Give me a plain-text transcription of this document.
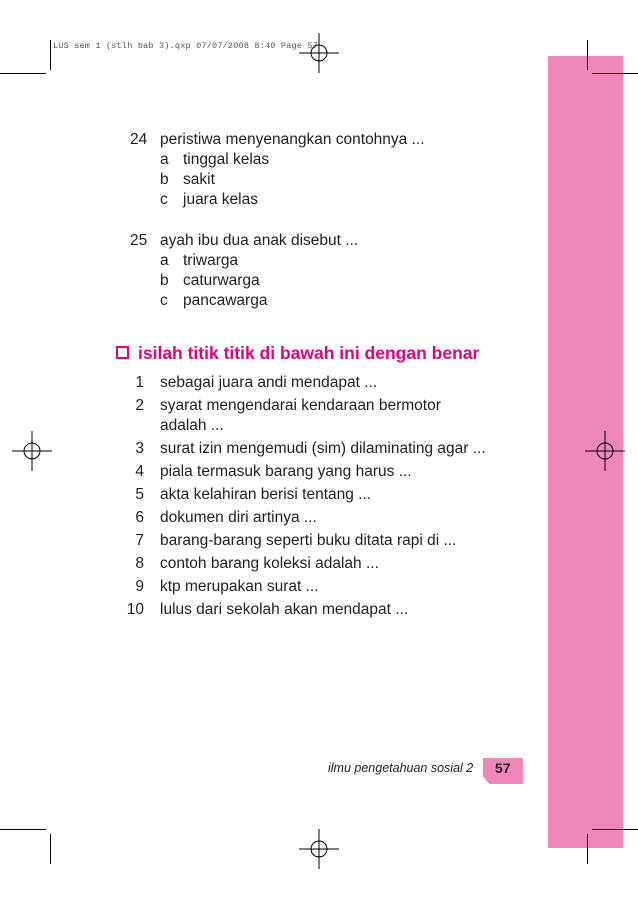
LUS sem 1 (stlh bab 3).qxp 07/07/2008 8:40 Page 57
24 peristiwa menyenangkan contohnya ...
a tinggal kelas
b sakit
c juara kelas
25 ayah ibu dua anak disebut ...
a triwarga
b caturwarga
c pancawarga
isilah titik titik di bawah ini dengan benar
1 sebagai juara andi mendapat ...
2 syarat mengendarai kendaraan bermotor
adalah ...
3 surat izin mengemudi (sim) dilaminating agar ...
4 piala termasuk barang yang harus ...
5 akta kelahiran berisi tentang ...
6 dokumen diri artinya ...
7 barang-barang seperti buku ditata rapi di ...
8 contoh barang koleksi adalah ...
9 ktp merupakan surat ...
10 lulus dari sekolah akan mendapat ...
ilmu pengetahuan sosial 2 57
